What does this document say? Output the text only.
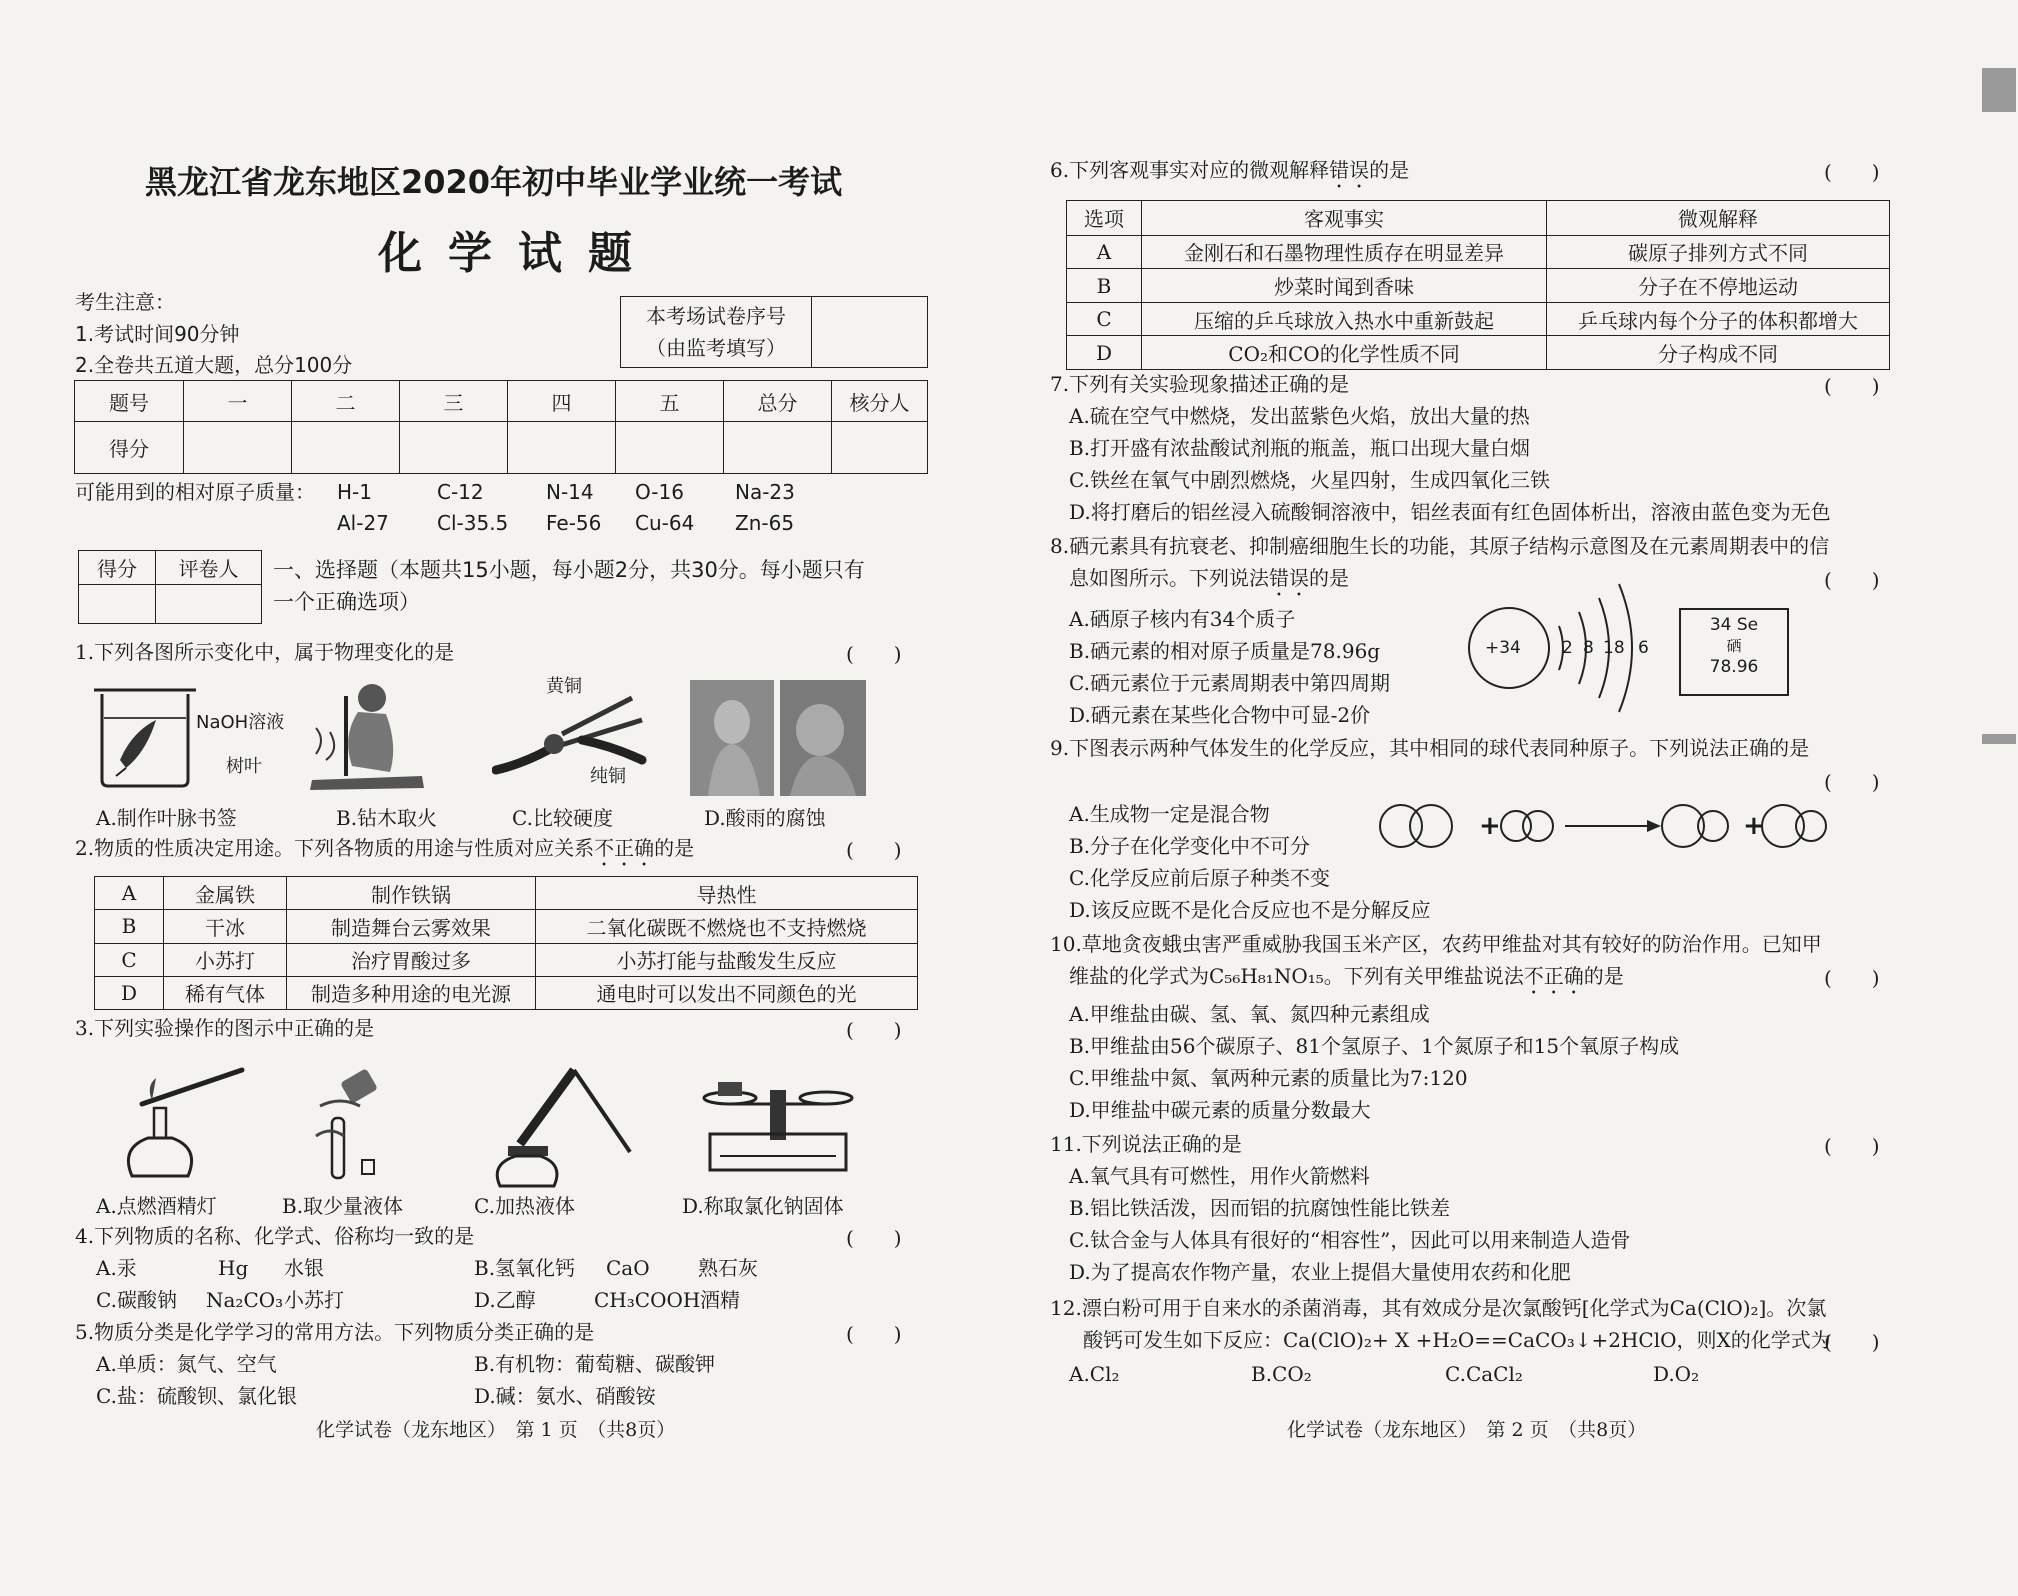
黑龙江省龙东地区2020年初中毕业学业统一考试
化学试题
考生注意：
1.考试时间90分钟
2.全卷共五道大题，总分100分
本考场试卷序号
（由监考填写）

题号	一	二	三	四	五	总分	核分人
得分							
可能用到的相对原子质量： H-1	C-12	N-14 O-16	Na-23
Al-27 Cl-35.5 Fe-56 Cu-64 Zn-65
得分	评卷人
	一、选择题（本题共15小题，每小题2分，共30分。每小题只有
一个正确选项）
1.下列各图所示变化中，属于物理变化的是	(　　)
NaOH溶液
树叶
黄铜
纯铜
A.制作叶脉书签	B.钻木取火	C.比较硬度	D.酸雨的腐蚀
2.物质的性质决定用途。下列各物质的用途与性质对应关系不正确的是	(　　)
A	金属铁	制作铁锅	导热性
B	干冰	制造舞台云雾效果	二氧化碳既不燃烧也不支持燃烧
C	小苏打	治疗胃酸过多	小苏打能与盐酸发生反应
D	稀有气体	制造多种用途的电光源	通电时可以发出不同颜色的光
3.下列实验操作的图示中正确的是	(　　)
A.点燃酒精灯	B.取少量液体	C.加热液体	D.称取氯化钠固体
4.下列物质的名称、化学式、俗称均一致的是	(　　)
A.汞	Hg 水银	B.氢氧化钙 CaO 熟石灰
C.碳酸钠 Na₂CO₃ 小苏打	D.乙醇	CH₃COOH 酒精
5.物质分类是化学学习的常用方法。下列物质分类正确的是	(　　)
A.单质：氮气、空气	B.有机物：葡萄糖、碳酸钾
C.盐：硫酸钡、氯化银	D.碱：氨水、硝酸铵
化学试卷（龙东地区）　第 1 页　（共8页）
6.下列客观事实对应的微观解释错误的是	(　　)
选项	客观事实	微观解释
A	金刚石和石墨物理性质存在明显差异	碳原子排列方式不同
B	炒菜时闻到香味	分子在不停地运动
C	压缩的乒乓球放入热水中重新鼓起	乒乓球内每个分子的体积都增大
D	CO₂和CO的化学性质不同	分子构成不同
7.下列有关实验现象描述正确的是	(　　)
A.硫在空气中燃烧，发出蓝紫色火焰，放出大量的热
B.打开盛有浓盐酸试剂瓶的瓶盖，瓶口出现大量白烟
C.铁丝在氧气中剧烈燃烧，火星四射，生成四氧化三铁
D.将打磨后的铝丝浸入硫酸铜溶液中，铝丝表面有红色固体析出，溶液由蓝色变为无色
8.硒元素具有抗衰老、抑制癌细胞生长的功能，其原子结构示意图及在元素周期表中的信
息如图所示。下列说法错误的是	(　　)
A.硒原子核内有34个质子
B.硒元素的相对原子质量是78.96g
C.硒元素位于元素周期表中第四周期
D.硒元素在某些化合物中可显-2价
+34 2 8 18 6
34 Se
硒
78.96
9.下图表示两种气体发生的化学反应，其中相同的球代表同种原子。下列说法正确的是
(　　)
A.生成物一定是混合物
B.分子在化学变化中不可分
C.化学反应前后原子种类不变
D.该反应既不是化合反应也不是分解反应
+	+
10.草地贪夜蛾虫害严重威胁我国玉米产区，农药甲维盐对其有较好的防治作用。已知甲
维盐的化学式为C₅₆H₈₁NO₁₅。下列有关甲维盐说法不正确的是	(　　)
A.甲维盐由碳、氢、氧、氮四种元素组成
B.甲维盐由56个碳原子、81个氢原子、1个氮原子和15个氧原子构成
C.甲维盐中氮、氧两种元素的质量比为7:120
D.甲维盐中碳元素的质量分数最大
11.下列说法正确的是	(　　)
A.氧气具有可燃性，用作火箭燃料
B.铝比铁活泼，因而铝的抗腐蚀性能比铁差
C.钛合金与人体具有很好的“相容性”，因此可以用来制造人造骨
D.为了提高农作物产量，农业上提倡大量使用农药和化肥
12.漂白粉可用于自来水的杀菌消毒，其有效成分是次氯酸钙[化学式为Ca(ClO)₂]。次氯
酸钙可发生如下反应：Ca(ClO)₂+ X +H₂O==CaCO₃↓+2HClO，则X的化学式为
(　　)
A.Cl₂	B.CO₂	C.CaCl₂	D.O₂
化学试卷（龙东地区）　第 2 页　（共8页）
